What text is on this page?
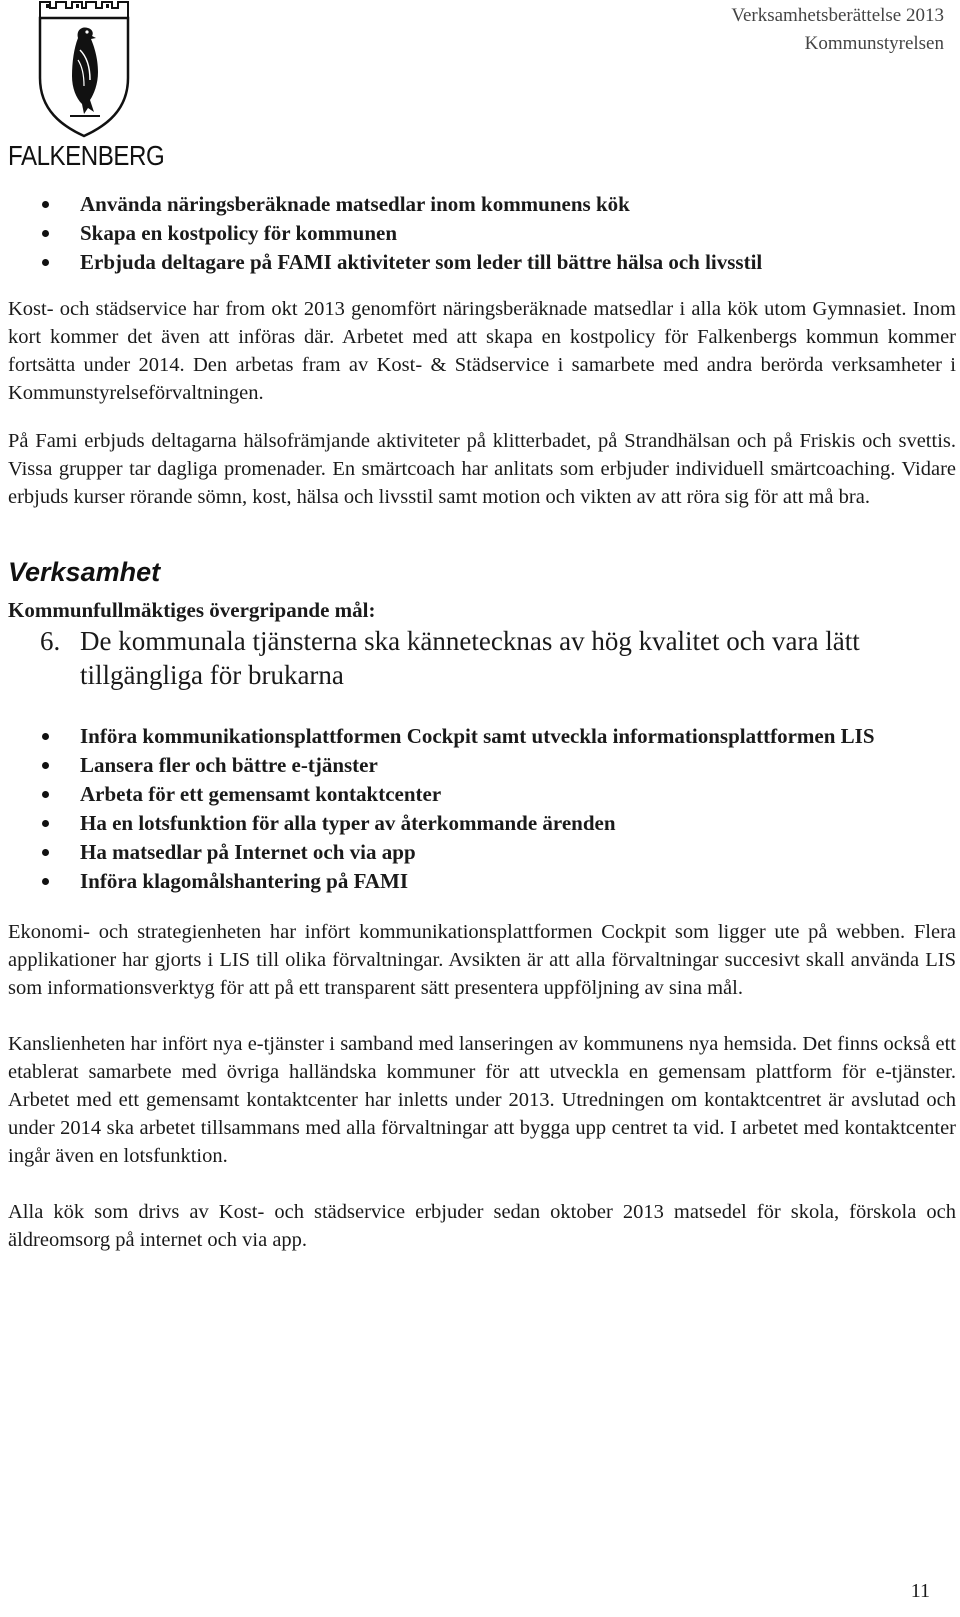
FALKENBERG
Verksamhetsberättelse 2013
Kommunstyrelsen
Använda näringsberäknade matsedlar inom kommunens kök
Skapa en kostpolicy för kommunen
Erbjuda deltagare på FAMI aktiviteter som leder till bättre hälsa och livsstil

Kost- och städservice har from okt 2013 genomfört näringsberäknade matsedlar i alla kök utom Gymnasiet. Inom kort kommer det även att införas där. Arbetet med att skapa en kostpolicy för Falkenbergs kommun kommer fortsätta under 2014. Den arbetas fram av Kost- & Städservice i samarbete med andra berörda verksamheter i Kommunstyrelseförvaltningen.

På Fami erbjuds deltagarna hälsofrämjande aktiviteter på klitterbadet, på Strandhälsan och på Friskis och svettis. Vissa grupper tar dagliga promenader. En smärtcoach har anlitats som erbjuder individuell smärtcoaching. Vidare erbjuds kurser rörande sömn, kost, hälsa och livsstil samt motion och vikten av att röra sig för att må bra.

Verksamhet

Kommunfullmäktiges övergripande mål:

6. De kommunala tjänsterna ska kännetecknas av hög kvalitet och vara lätt tillgängliga för brukarna

Införa kommunikationsplattformen Cockpit samt utveckla informationsplattformen LIS
Lansera fler och bättre e-tjänster
Arbeta för ett gemensamt kontaktcenter
Ha en lotsfunktion för alla typer av återkommande ärenden
Ha matsedlar på Internet och via app
Införa klagomålshantering på FAMI

Ekonomi- och strategienheten har infört kommunikationsplattformen Cockpit som ligger ute på webben. Flera applikationer har gjorts i LIS till olika förvaltningar. Avsikten är att alla förvaltningar succesivt skall använda LIS som informationsverktyg för att på ett transparent sätt presentera uppföljning av sina mål.

Kanslienheten har infört nya e-tjänster i samband med lanseringen av kommunens nya hemsida. Det finns också ett etablerat samarbete med övriga halländska kommuner för att utveckla en gemensam plattform för e-tjänster. Arbetet med ett gemensamt kontaktcenter har inletts under 2013. Utredningen om kontaktcentret är avslutad och under 2014 ska arbetet tillsammans med alla förvaltningar att bygga upp centret ta vid. I arbetet med kontaktcenter ingår även en lotsfunktion.

Alla kök som drivs av Kost- och städservice erbjuder sedan oktober 2013 matsedel för skola, förskola och äldreomsorg på internet och via app.

11
